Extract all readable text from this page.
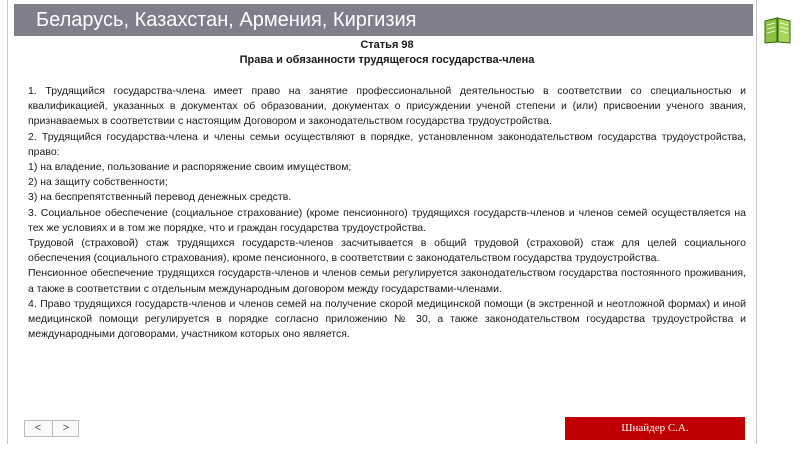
Беларусь, Казахстан, Армения, Киргизия
Статья 98
Права и обязанности трудящегося государства-члена
1. Трудящийся государства-члена имеет право на занятие профессиональной деятельностью в соответствии со специальностью и квалификацией, указанных в документах об образовании, документах о присуждении ученой степени и (или) присвоении ученого звания, признаваемых в соответствии с настоящим Договором и законодательством государства трудоустройства.
2. Трудящийся государства-члена и члены семьи осуществляют в порядке, установленном законодательством государства трудоустройства, право:
1) на владение, пользование и распоряжение своим имуществом;
2) на защиту собственности;
3) на беспрепятственный перевод денежных средств.
3. Социальное обеспечение (социальное страхование) (кроме пенсионного) трудящихся государств-членов и членов семей осуществляется на тех же условиях и в том же порядке, что и граждан государства трудоустройства.
Трудовой (страховой) стаж трудящихся государств-членов засчитывается в общий трудовой (страховой) стаж для целей социального обеспечения (социального страхования), кроме пенсионного, в соответствии с законодательством государства трудоустройства.
Пенсионное обеспечение трудящихся государств-членов и членов семьи регулируется законодательством государства постоянного проживания, а также в соответствии с отдельным международным договором между государствами-членами.
4. Право трудящихся государств-членов и членов семей на получение скорой медицинской помощи (в экстренной и неотложной формах) и иной медицинской помощи регулируется в порядке согласно приложению № 30, а также законодательством государства трудоустройства и международными договорами, участником которых оно является.
<	>	Шнайдер С.А.
